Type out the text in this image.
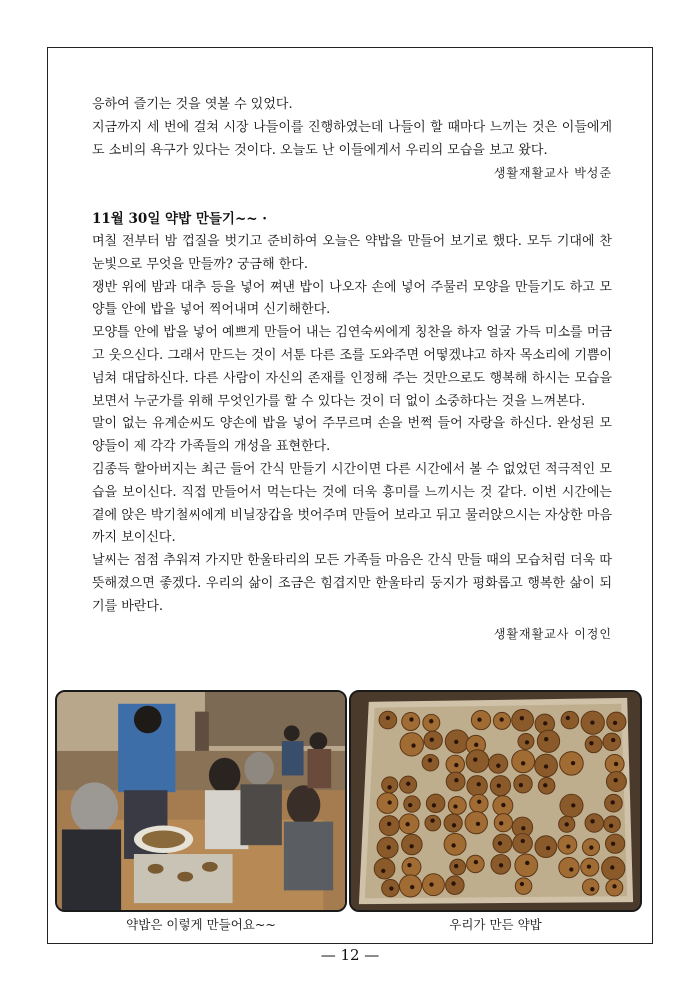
응하여 즐기는 것을 엿볼 수 있었다.

지금까지 세 번에 걸쳐 시장 나들이를 진행하였는데 나들이 할 때마다 느끼는 것은 이들에게도 소비의 욕구가 있다는 것이다. 오늘도 난 이들에게서 우리의 모습을 보고 왔다.

생활재활교사 박성준

11월 30일 약밥 만들기~~ ·

며칠 전부터 밤 껍질을 벗기고 준비하여 오늘은 약밥을 만들어 보기로 했다. 모두 기대에 찬 눈빛으로 무엇을 만들까? 궁금해 한다.

쟁반 위에 밤과 대추 등을 넣어 쪄낸 밥이 나오자 손에 넣어 주물러 모양을 만들기도 하고 모양틀 안에 밥을 넣어 찍어내며 신기해한다.

모양틀 안에 밥을 넣어 예쁘게 만들어 내는 김연숙씨에게 칭찬을 하자 얼굴 가득 미소를 머금고 웃으신다. 그래서 만드는 것이 서툰 다른 조를 도와주면 어떻겠냐고 하자 목소리에 기쁨이 넘쳐 대답하신다. 다른 사람이 자신의 존재를 인정해 주는 것만으로도 행복해 하시는 모습을 보면서 누군가를 위해 무엇인가를 할 수 있다는 것이 더 없이 소중하다는 것을 느껴본다.

말이 없는 유계순씨도 양손에 밥을 넣어 주무르며 손을 번쩍 들어 자랑을 하신다. 완성된 모양들이 제 각각 가족들의 개성을 표현한다.

김종득 할아버지는 최근 들어 간식 만들기 시간이면 다른 시간에서 볼 수 없었던 적극적인 모습을 보이신다. 직접 만들어서 먹는다는 것에 더욱 흥미를 느끼시는 것 같다. 이번 시간에는 곁에 앉은 박기철씨에게 비닐장갑을 벗어주며 만들어 보라고 뒤고 물러앉으시는 자상한 마음까지 보이신다.

날씨는 점점 추워져 가지만 한울타리의 모든 가족들 마음은 간식 만들 때의 모습처럼 더욱 따뜻해졌으면 좋겠다. 우리의 삶이 조금은 힘겹지만 한울타리 둥지가 평화롭고 행복한 삶이 되기를 바란다.

생활재활교사 이정인

약밥은 이렇게 만들어요~~	우리가 만든 약밥
— 12 —
